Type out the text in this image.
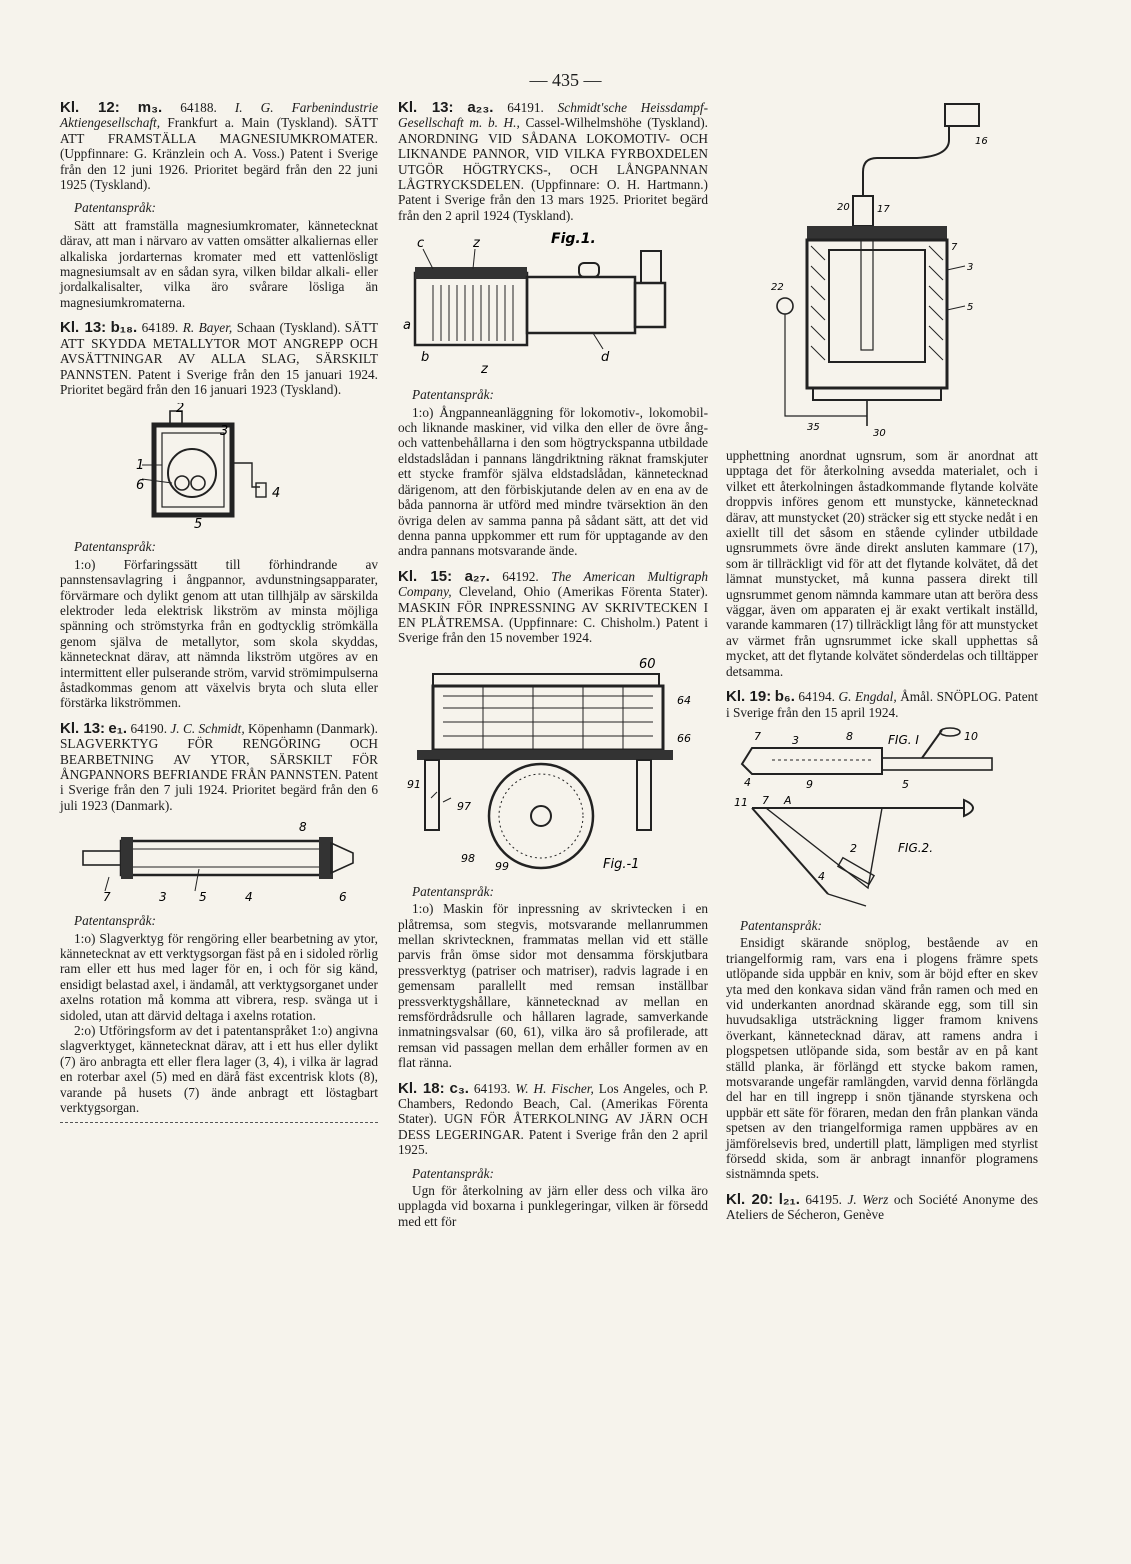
— 435 —

Kl. 12: m₃. 64188. I. G. Farbenindustrie Aktiengesellschaft, Frankfurt a. Main (Tyskland). SÄTT ATT FRAMSTÄLLA MAGNESIUMKROMATER. (Uppfinnare: G. Kränzlein och A. Voss.) Patent i Sverige från den 12 juni 1926. Prioritet begärd från den 22 juni 1925 (Tyskland).

Patentanspråk:

Sätt att framställa magnesiumkromater, kännetecknat därav, att man i närvaro av vatten omsätter alkaliernas eller alkaliska jordarternas kromater med ett vattenlösligt magnesiumsalt av en sådan syra, vilken bildar alkali- eller jordalkalisalter, vilka äro svårare lösliga än magnesiumkromaterna.

Kl. 13: b₁₈. 64189. R. Bayer, Schaan (Tyskland). SÄTT ATT SKYDDA METALLYTOR MOT ANGREPP OCH AVSÄTTNINGAR AV ALLA SLAG, SÄRSKILT PANNSTEN. Patent i Sverige från den 15 januari 1924. Prioritet begärd från den 16 januari 1923 (Tyskland).

2
3
1
6
4
5
Patentanspråk:

1:o) Förfaringssätt till förhindrande av pannstensavlagring i ångpannor, avdunstningsapparater, förvärmare och dylikt genom att utan tillhjälp av särskilda elektroder leda elektrisk likström av minsta möjliga spänning och strömstyrka från en godtycklig strömkälla genom själva de metallytor, som skola skyddas, kännetecknat därav, att nämnda likström utgöres av en intermittent eller pulserande ström, varvid strömimpulserna åstadkommas genom att växelvis bryta och sluta eller förstärka likströmmen.

Kl. 13: e₁. 64190. J. C. Schmidt, Köpenhamn (Danmark). SLAGVERKTYG FÖR RENGÖRING OCH BEARBETNING AV YTOR, SÄRSKILT FÖR ÅNGPANNORS BEFRIANDE FRÅN PANNSTEN. Patent i Sverige från den 7 juli 1924. Prioritet begärd från den 6 juli 1923 (Danmark).

8
7	3	5	4	6
Patentanspråk:

1:o) Slagverktyg för rengöring eller bearbetning av ytor, kännetecknat av ett verktygsorgan fäst på en i sidoled rörlig ram eller ett hus med lager för en, i och för sig känd, ensidigt belastad axel, i ändamål, att verktygsorganet under axelns rotation må komma att vibrera, resp. svänga ut i sidoled, utan att därvid deltaga i axelns rotation.

2:o) Utföringsform av det i patentanspråket 1:o) angivna slagverktyget, kännetecknat därav, att i ett hus eller dylikt (7) äro anbragta ett eller flera lager (3, 4), i vilka är lagrad en roterbar axel (5) med en därå fäst excentrisk klots (8), varande på husets (7) ände anbragt ett löstagbart verktygsorgan.

Kl. 13: a₂₃. 64191. Schmidt'sche Heissdampf-Gesellschaft m. b. H., Cassel-Wilhelmshöhe (Tyskland). ANORDNING VID SÅDANA LOKOMOTIV- OCH LIKNANDE PANNOR, VID VILKA FYRBOXDELEN UTGÖR HÖGTRYCKS-, OCH LÅNGPANNAN LÅGTRYCKSDELEN. (Uppfinnare: O. H. Hartmann.) Patent i Sverige från den 13 mars 1925. Prioritet begärd från den 2 april 1924 (Tyskland).

Fig.1.
c	z
a
b
z
d
Patentanspråk:

1:o) Ångpanneanläggning för lokomotiv-, lokomobil- och liknande maskiner, vid vilka den eller de övre ång- och vattenbehållarna i den som högtryckspanna utbildade eldstadslådan i pannans längdriktning räknat framskjuter ett stycke framför själva eldstadslådan, kännetecknad därigenom, att den förbiskjutande delen av en ena av de båda pannorna är utförd med mindre tvärsektion än den övriga delen av samma panna på sådant sätt, att det vid denna panna uppkommer ett rum för upptagande av den andra pannans motsvarande ände.

Kl. 15: a₂₇. 64192. The American Multigraph Company, Cleveland, Ohio (Amerikas Förenta Stater). MASKIN FÖR INPRESSNING AV SKRIVTECKEN I EN PLÅTREMSA. (Uppfinnare: C. Chisholm.) Patent i Sverige från den 15 november 1924.

60
97
98
99
91
64
66
Fig.-1
Patentanspråk:

1:o) Maskin för inpressning av skrivtecken i en plåtremsa, som stegvis, motsvarande mellanrummen mellan skrivtecknen, frammatas mellan vid ett ställe parvis från ömse sidor mot densamma förskjutbara pressverktyg (patriser och matriser), radvis lagrade i en gemensam parallellt med remsan inställbar pressverktygshållare, kännetecknad av mellan en remsfördrådsrulle och hållaren lagrade, samverkande inmatningsvalsar (60, 61), vilka äro så profilerade, att remsan vid passagen mellan dem erhåller formen av en flat ränna.

Kl. 18: c₃. 64193. W. H. Fischer, Los Angeles, och P. Chambers, Redondo Beach, Cal. (Amerikas Förenta Stater). UGN FÖR ÅTERKOLNING AV JÄRN OCH DESS LEGERINGAR. Patent i Sverige från den 2 april 1925.

Patentanspråk:

Ugn för återkolning av järn eller dess och vilka äro upplagda vid boxarna i punklegeringar, vilken är försedd med ett för

16
20	17
7
3
5
22
30
35

upphettning anordnat ugnsrum, som är anordnat att upptaga det för återkolning avsedda materialet, och i vilket ett återkolningen åstadkommande flytande kolväte droppvis införes genom ett munstycke, kännetecknad därav, att munstycket (20) sträcker sig ett stycke nedåt i en axiellt till det såsom en stående cylinder utbildade ugnsrummets övre ände direkt ansluten kammare (17), som är tillräckligt vid för att det flytande kolvätet, då det lämnat munstycket, må kunna passera direkt till ugnsrummet genom nämnda kammare utan att beröra dess väggar, även om apparaten ej är exakt vertikalt inställd, varande kammaren (17) tillräckligt lång för att munstycket av värmet från ugnsrummet icke skall upphettas så mycket, att det flytande kolvätet sönderdelas och tilltäpper detsamma.

Kl. 19: b₆. 64194. G. Engdal, Åmål. SNÖPLOG. Patent i Sverige från den 15 april 1924.

7	3	8
9	5
4
10
FIG. I
11 7 A
2
4
FIG.2.
Patentanspråk:

Ensidigt skärande snöplog, bestående av en triangelformig ram, vars ena i plogens främre spets utlöpande sida uppbär en kniv, som är böjd efter en skev yta med den konkava sidan vänd från ramen och med en vid underkanten anordnad skärande egg, som till sin huvudsakliga utsträckning ligger framom knivens överkant, kännetecknad därav, att ramens andra i plogspetsen utlöpande sida, som består av en på kant ställd planka, är förlängd ett stycke bakom ramen, motsvarande ungefär ramlängden, varvid denna förlängda del har en till ingrepp i snön tjänande styrskena och uppbär ett säte för föraren, medan den från plankan vända spetsen av den triangelformiga ramen uppbäres av en jämförelsevis bred, undertill platt, lämpligen med styrlist försedd skida, som är anbragt innanför plogramens sistnämnda spets.

Kl. 20: l₂₁. 64195. J. Werz och Société Anonyme des Ateliers de Sécheron, Genève
